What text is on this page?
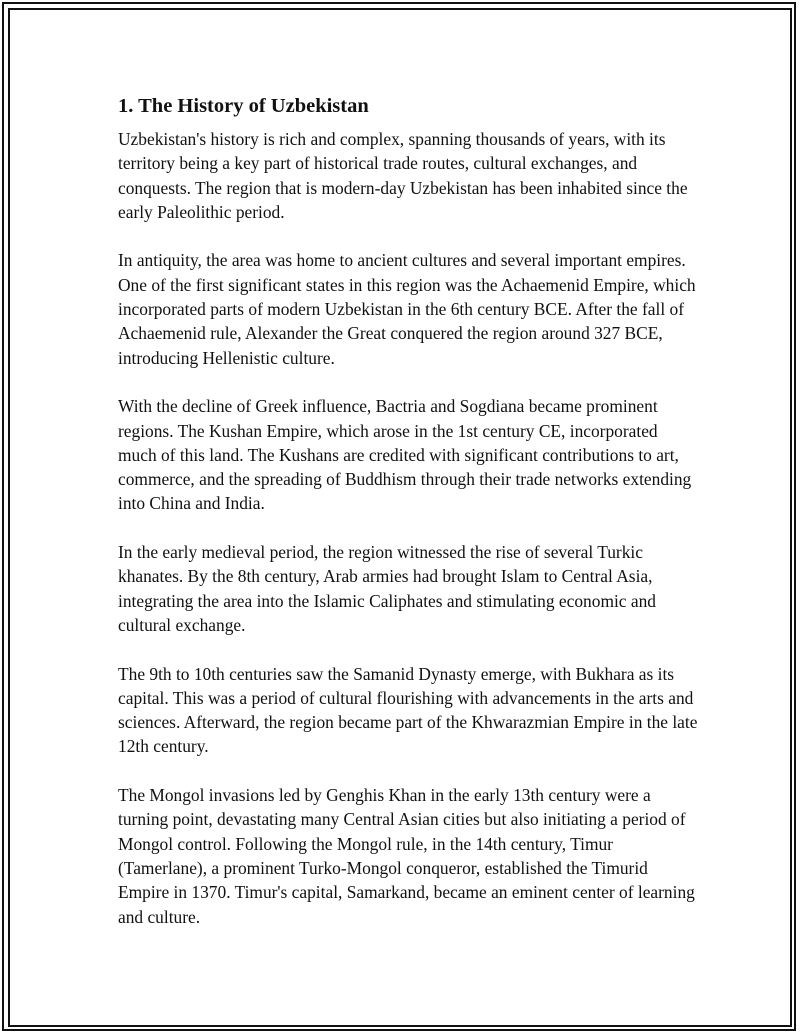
1. The History of Uzbekistan

Uzbekistan's history is rich and complex, spanning thousands of years, with its territory being a key part of historical trade routes, cultural exchanges, and conquests. The region that is modern-day Uzbekistan has been inhabited since the early Paleolithic period.

In antiquity, the area was home to ancient cultures and several important empires. One of the first significant states in this region was the Achaemenid Empire, which incorporated parts of modern Uzbekistan in the 6th century BCE. After the fall of Achaemenid rule, Alexander the Great conquered the region around 327 BCE, introducing Hellenistic culture.

With the decline of Greek influence, Bactria and Sogdiana became prominent regions. The Kushan Empire, which arose in the 1st century CE, incorporated much of this land. The Kushans are credited with significant contributions to art, commerce, and the spreading of Buddhism through their trade networks extending into China and India.

In the early medieval period, the region witnessed the rise of several Turkic khanates. By the 8th century, Arab armies had brought Islam to Central Asia, integrating the area into the Islamic Caliphates and stimulating economic and cultural exchange.

The 9th to 10th centuries saw the Samanid Dynasty emerge, with Bukhara as its capital. This was a period of cultural flourishing with advancements in the arts and sciences. Afterward, the region became part of the Khwarazmian Empire in the late 12th century.

The Mongol invasions led by Genghis Khan in the early 13th century were a turning point, devastating many Central Asian cities but also initiating a period of Mongol control. Following the Mongol rule, in the 14th century, Timur (Tamerlane), a prominent Turko-Mongol conqueror, established the Timurid Empire in 1370. Timur's capital, Samarkand, became an eminent center of learning and culture.
